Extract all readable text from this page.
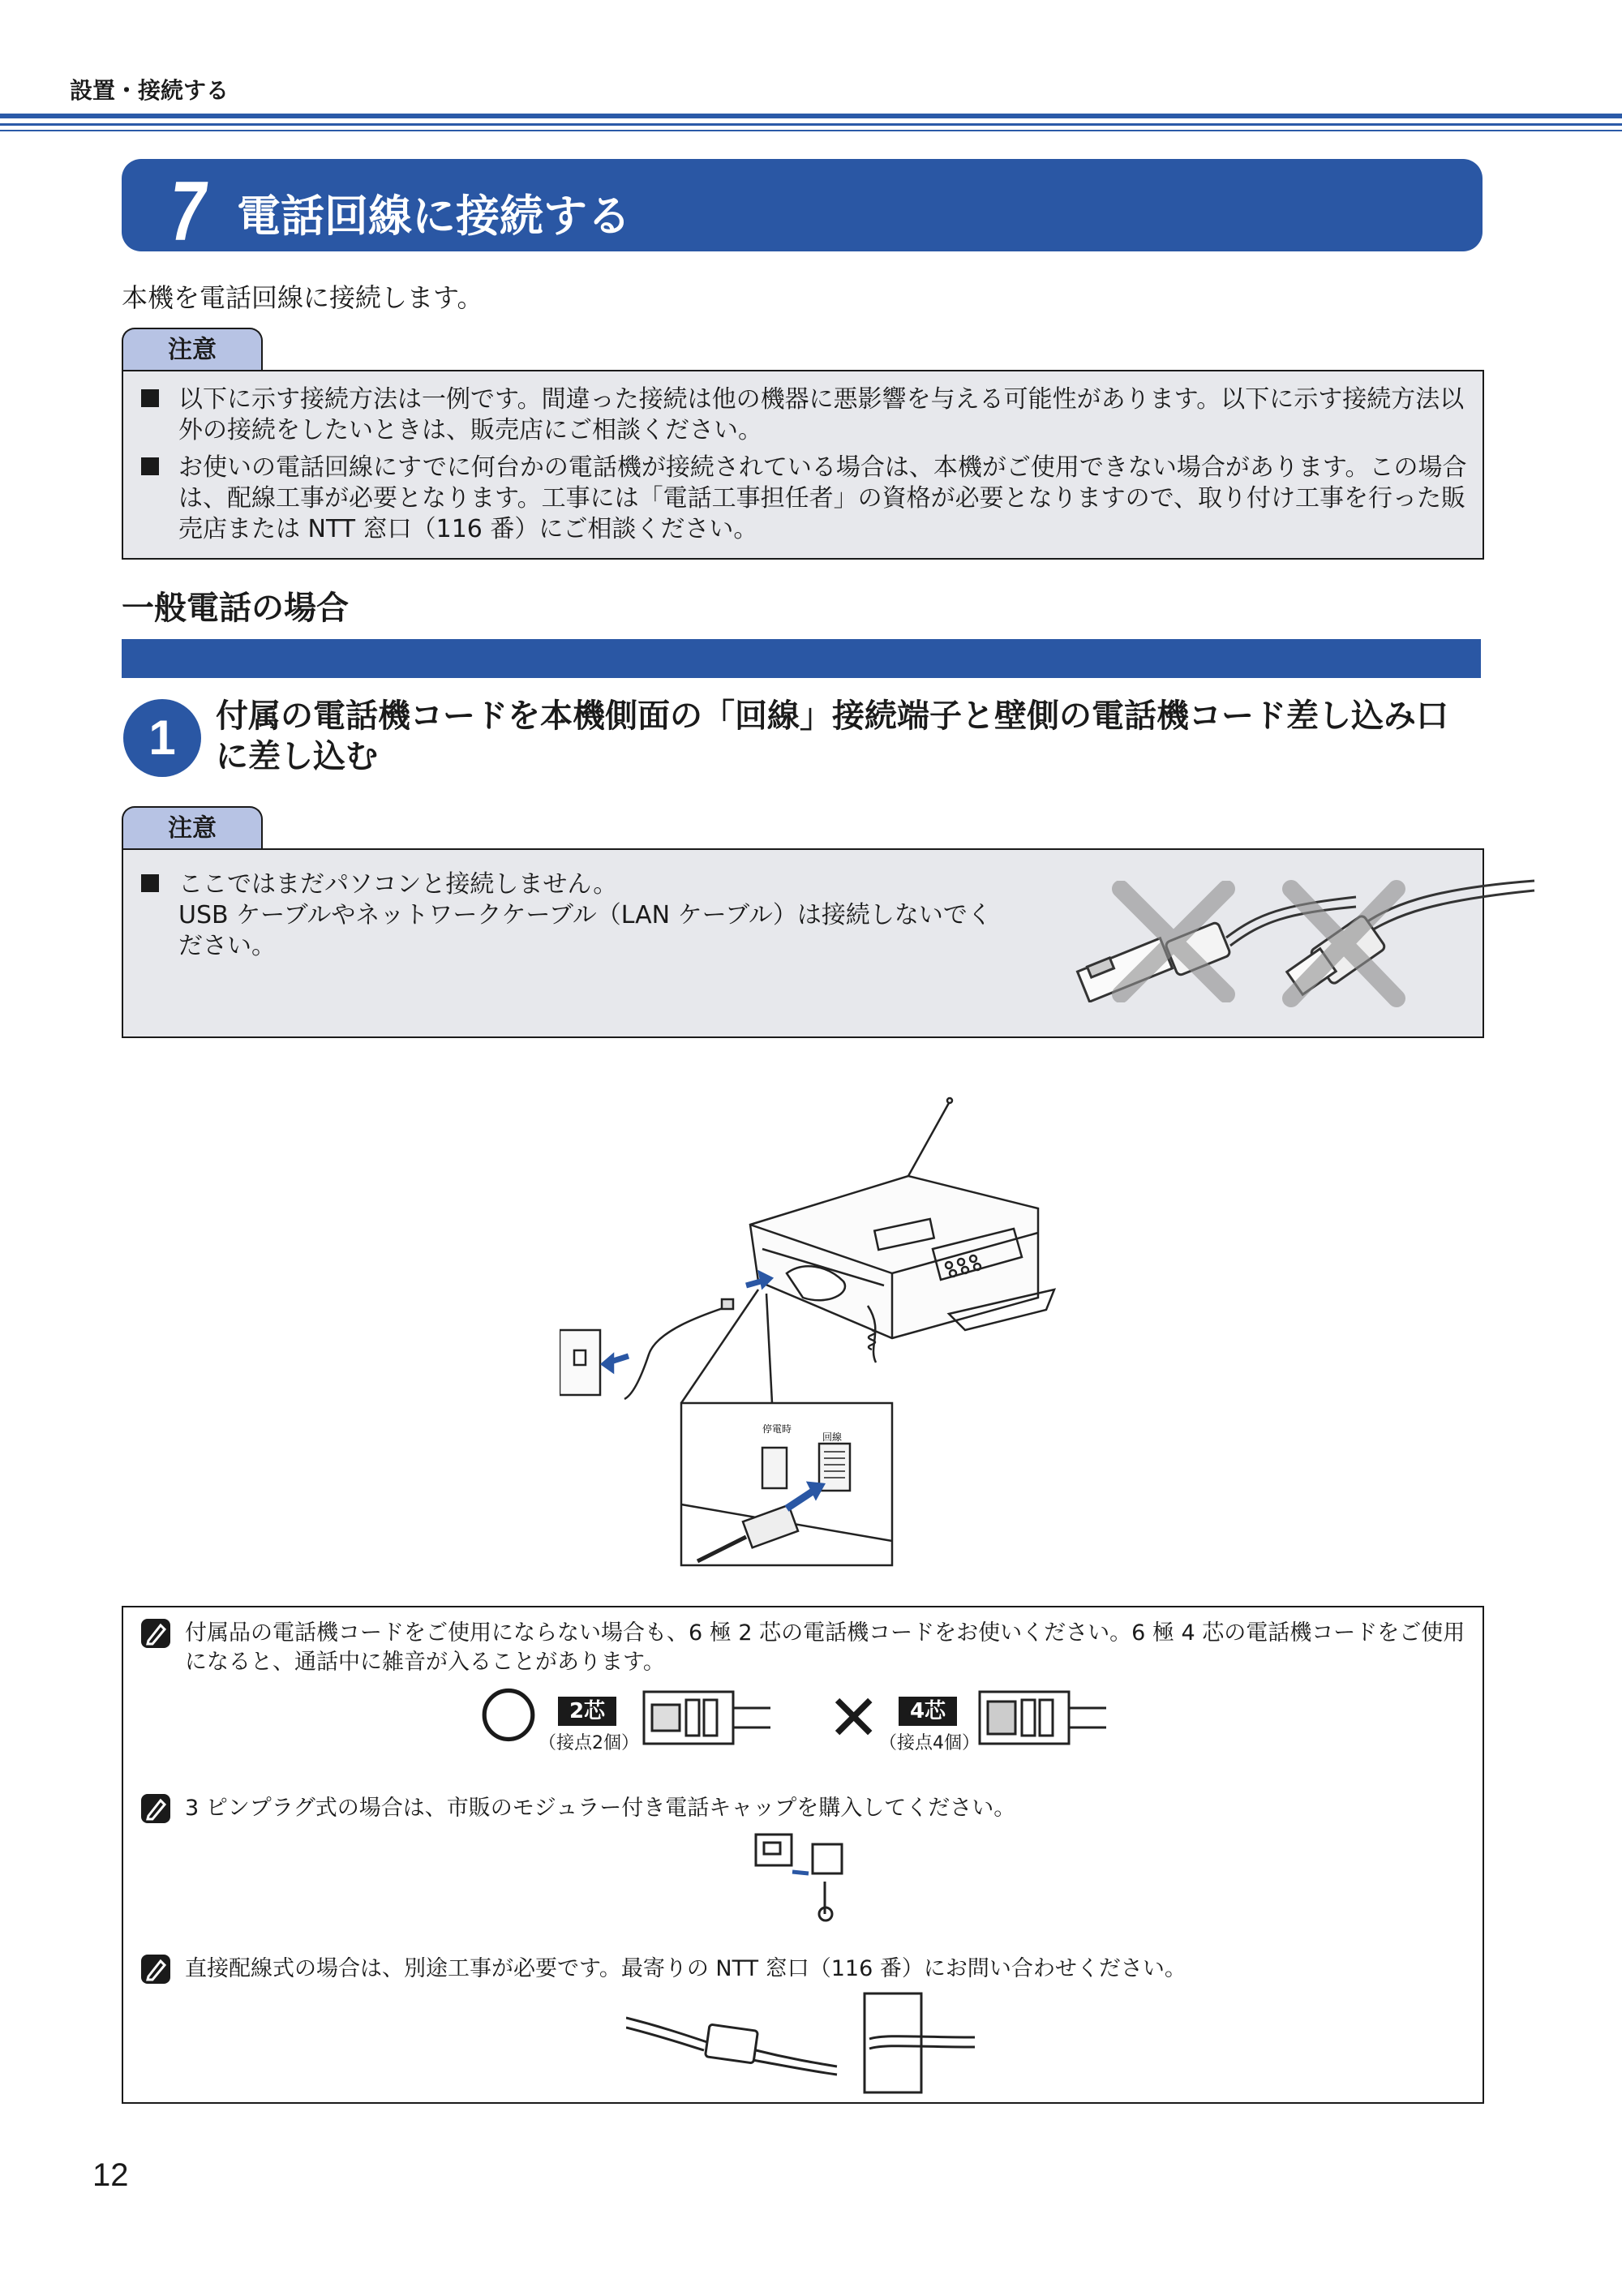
設置・接続する
7 電話回線に接続する
本機を電話回線に接続します。
注意
以下に示す接続方法は一例です。間違った接続は他の機器に悪影響を与える可能性があります。以下に示す接続方法以
外の接続をしたいときは、販売店にご相談ください。
お使いの電話回線にすでに何台かの電話機が接続されている場合は、本機がご使用できない場合があります。この場合
は、配線工事が必要となります。工事には「電話工事担任者」の資格が必要となりますので、取り付け工事を行った販
売店または NTT 窓口（116 番）にご相談ください。
一般電話の場合
1	付属の電話機コードを本機側面の「回線」接続端子と壁側の電話機コード差し込み口
に差し込む
注意
ここではまだパソコンと接続しません。
USB ケーブルやネットワークケーブル（LAN ケーブル）は接続しないでく
ださい。
停電時
回線
付属品の電話機コードをご使用にならない場合も、6 極 2 芯の電話機コードをお使いください。6 極 4 芯の電話機コードをご使用
になると、通話中に雑音が入ることがあります。
〇	2芯
（接点2個）	✕	4芯
（接点4個）
3 ピンプラグ式の場合は、市販のモジュラー付き電話キャップを購入してください。
直接配線式の場合は、別途工事が必要です。最寄りの NTT 窓口（116 番）にお問い合わせください。
12
